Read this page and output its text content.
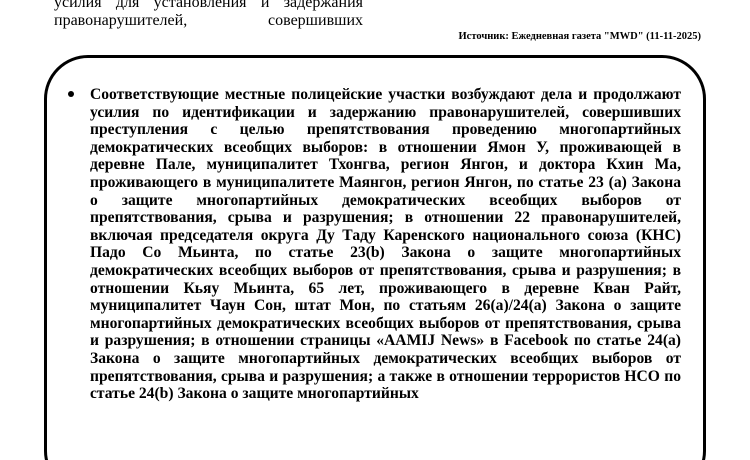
усилия для установления и задержания
правонарушителей, совершивших
Источник: Ежедневная газета "MWD" (11-11-2025)

Соответствующие местные полицейские участки возбуждают дела и продолжают усилия по идентификации и задержанию правонарушителей, совершивших преступления с целью препятствования проведению многопартийных демократических всеобщих выборов: в отношении Ямон У, проживающей в деревне Пале, муниципалитет Тхонгва, регион Янгон, и доктора Кхин Ма, проживающего в муниципалитете Маянгон, регион Янгон, по статье 23 (а) Закона о защите многопартийных демократических всеобщих выборов от препятствования, срыва и разрушения; в отношении 22 правонарушителей, включая председателя округа Ду Таду Каренского национального союза (КНС) Падо Со Мьинта, по статье 23(b) Закона о защите многопартийных демократических всеобщих выборов от препятствования, срыва и разрушения; в отношении Кьяу Мьинта, 65 лет, проживающего в деревне Кван Райт, муниципалитет Чаун Сон, штат Мон, по статьям 26(а)/24(а) Закона о защите многопартийных демократических всеобщих выборов от препятствования, срыва и разрушения; в отношении страницы «AAMIJ News» в Facebook по статье 24(а) Закона о защите многопартийных демократических всеобщих выборов от препятствования, срыва и разрушения; а также в отношении террористов НСО по статье 24(b) Закона о защите многопартийных
